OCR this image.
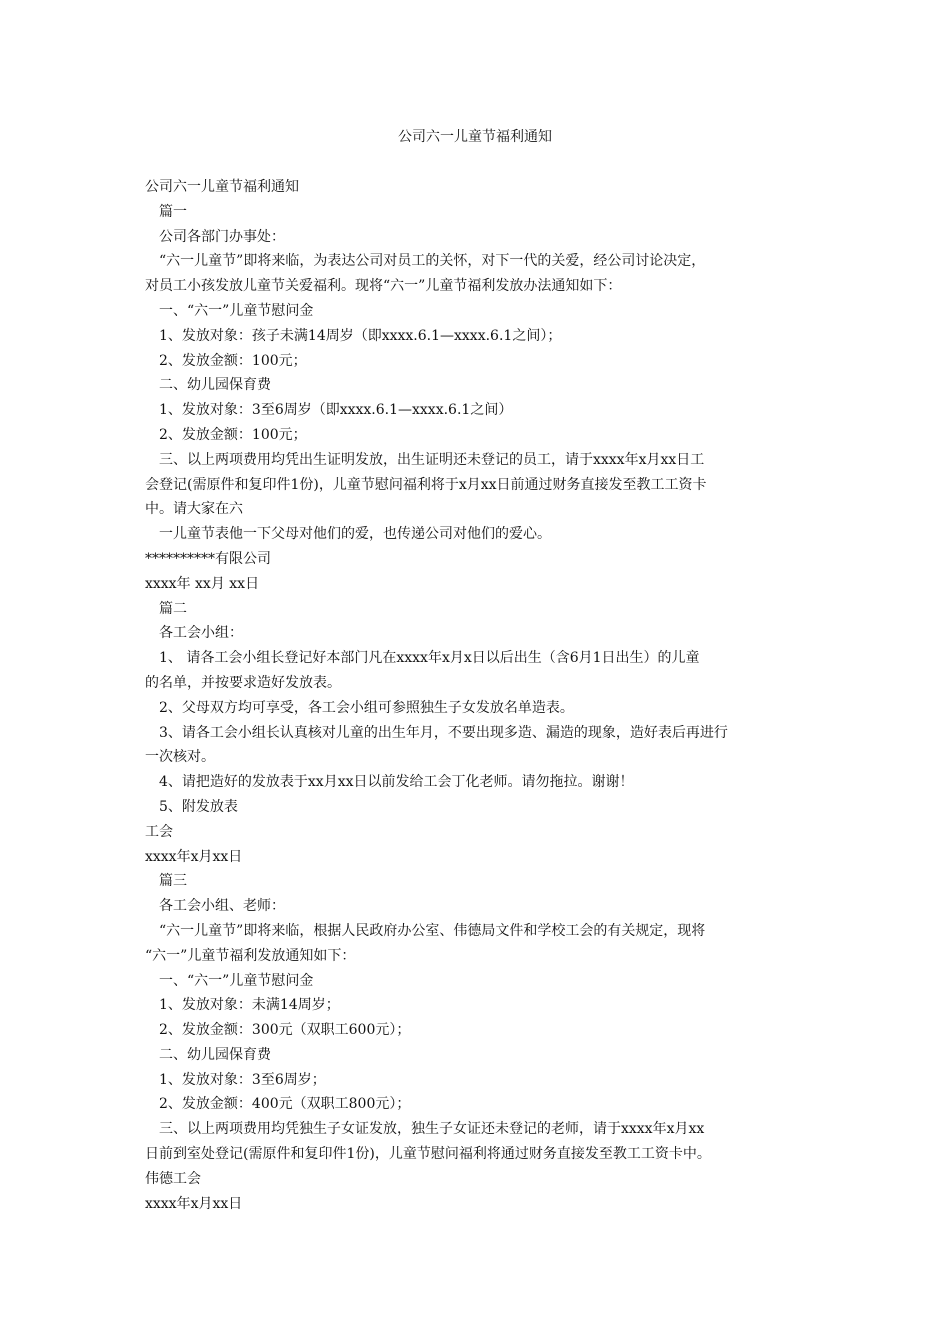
公司六一儿童节福利通知
公司六一儿童节福利通知
篇一
公司各部门办事处：
“六一儿童节”即将来临，为表达公司对员工的关怀，对下一代的关爱，经公司讨论决定，
对员工小孩发放儿童节关爱福利。现将“六一”儿童节福利发放办法通知如下：
一、“六一”儿童节慰问金
1、发放对象：孩子未满14周岁（即xxxx.6.1—xxxx.6.1之间）；
2、发放金额：100元；
二、幼儿园保育费
1、发放对象：3至6周岁（即xxxx.6.1—xxxx.6.1之间）
2、发放金额：100元；
三、以上两项费用均凭出生证明发放，出生证明还未登记的员工，请于xxxx年x月xx日工
会登记(需原件和复印件1份)，儿童节慰问福利将于x月xx日前通过财务直接发至教工工资卡
中。请大家在六
一儿童节表他一下父母对他们的爱，也传递公司对他们的爱心。
**********有限公司
xxxx年 xx月 xx日
篇二
各工会小组：
1、 请各工会小组长登记好本部门凡在xxxx年x月x日以后出生（含6月1日出生）的儿童
的名单，并按要求造好发放表。
2、父母双方均可享受，各工会小组可参照独生子女发放名单造表。
3、请各工会小组长认真核对儿童的出生年月，不要出现多造、漏造的现象，造好表后再进行
一次核对。
4、请把造好的发放表于xx月xx日以前发给工会丁化老师。请勿拖拉。谢谢！
5、附发放表
工会
xxxx年x月xx日
篇三
各工会小组、老师：
“六一儿童节”即将来临，根据人民政府办公室、伟德局文件和学校工会的有关规定，现将
“六一”儿童节福利发放通知如下：
一、“六一”儿童节慰问金
1、发放对象：未满14周岁；
2、发放金额：300元（双职工600元）；
二、幼儿园保育费
1、发放对象：3至6周岁；
2、发放金额：400元（双职工800元）；
三、以上两项费用均凭独生子女证发放，独生子女证还未登记的老师，请于xxxx年x月xx
日前到室处登记(需原件和复印件1份)，儿童节慰问福利将通过财务直接发至教工工资卡中。
伟德工会
xxxx年x月xx日
